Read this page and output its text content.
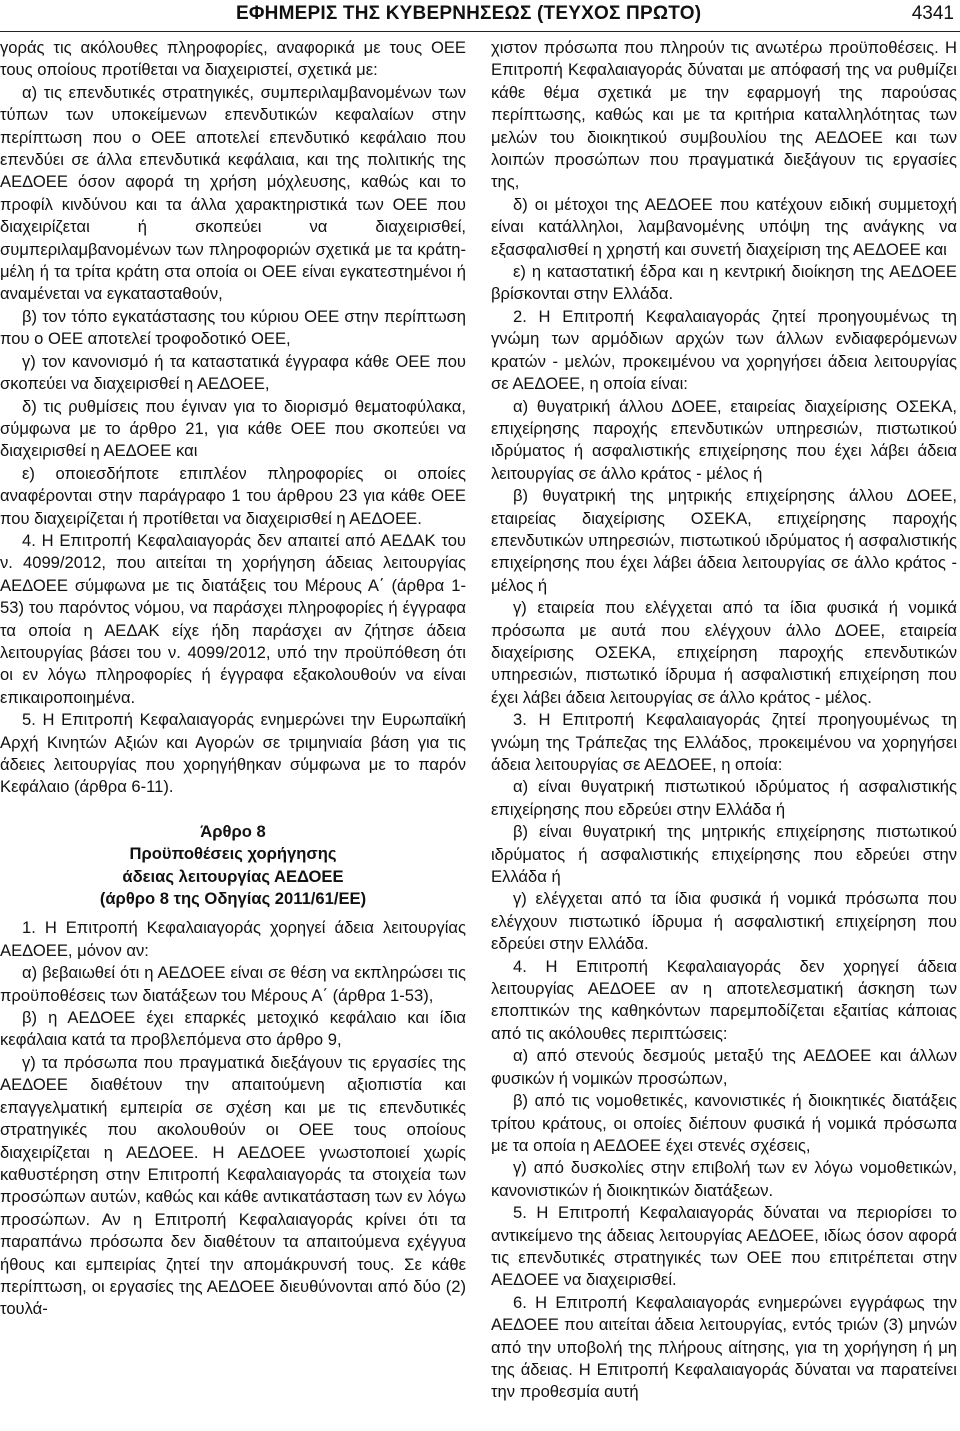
ΕΦΗΜΕΡΙΣ ΤΗΣ ΚΥΒΕΡΝΗΣΕΩΣ (ΤΕΥΧΟΣ ΠΡΩΤΟ)	4341

γοράς τις ακόλουθες πληροφορίες, αναφορικά με τους ΟΕΕ τους οποίους προτίθεται να διαχειριστεί, σχετικά με:

α) τις επενδυτικές στρατηγικές, συμπεριλαμβανομένων των τύπων των υποκείμενων επενδυτικών κεφαλαίων στην περίπτωση που ο ΟΕΕ αποτελεί επενδυτικό κεφάλαιο που επενδύει σε άλλα επενδυτικά κεφάλαια, και της πολιτικής της ΑΕΔΟΕΕ όσον αφορά τη χρήση μόχλευσης, καθώς και το προφίλ κινδύνου και τα άλλα χαρακτηριστικά των ΟΕΕ που διαχειρίζεται ή σκοπεύει να διαχειρισθεί, συμπεριλαμβανομένων των πληροφοριών σχετικά με τα κράτη-μέλη ή τα τρίτα κράτη στα οποία οι ΟΕΕ είναι εγκατεστημένοι ή αναμένεται να εγκατασταθούν,

β) τον τόπο εγκατάστασης του κύριου ΟΕΕ στην περίπτωση που ο ΟΕΕ αποτελεί τροφοδοτικό ΟΕΕ,

γ) τον κανονισμό ή τα καταστατικά έγγραφα κάθε ΟΕΕ που σκοπεύει να διαχειρισθεί η ΑΕΔΟΕΕ,

δ) τις ρυθμίσεις που έγιναν για το διορισμό θεματοφύλακα, σύμφωνα με το άρθρο 21, για κάθε ΟΕΕ που σκοπεύει να διαχειρισθεί η ΑΕΔΟΕΕ και

ε) οποιεσδήποτε επιπλέον πληροφορίες οι οποίες αναφέρονται στην παράγραφο 1 του άρθρου 23 για κάθε ΟΕΕ που διαχειρίζεται ή προτίθεται να διαχειρισθεί η ΑΕΔΟΕΕ.

4. Η Επιτροπή Κεφαλαιαγοράς δεν απαιτεί από ΑΕΔΑΚ του ν. 4099/2012, που αιτείται τη χορήγηση άδειας λειτουργίας ΑΕΔΟΕΕ σύμφωνα με τις διατάξεις του Μέρους Α΄ (άρθρα 1-53) του παρόντος νόμου, να παράσχει πληροφορίες ή έγγραφα τα οποία η ΑΕΔΑΚ είχε ήδη παράσχει αν ζήτησε άδεια λειτουργίας βάσει του ν. 4099/2012, υπό την προϋπόθεση ότι οι εν λόγω πληροφορίες ή έγγραφα εξακολουθούν να είναι επικαιροποιημένα.

5. Η Επιτροπή Κεφαλαιαγοράς ενημερώνει την Ευρωπαϊκή Αρχή Κινητών Αξιών και Αγορών σε τριμηνιαία βάση για τις άδειες λειτουργίας που χορηγήθηκαν σύμφωνα με το παρόν Κεφάλαιο (άρθρα 6-11).

Άρθρο 8
Προϋποθέσεις χορήγησης
άδειας λειτουργίας ΑΕΔΟΕΕ
(άρθρο 8 της Οδηγίας 2011/61/ΕΕ)

1. Η Επιτροπή Κεφαλαιαγοράς χορηγεί άδεια λειτουργίας ΑΕΔΟΕΕ, μόνον αν:

α) βεβαιωθεί ότι η ΑΕΔΟΕΕ είναι σε θέση να εκπληρώσει τις προϋποθέσεις των διατάξεων του Μέρους Α΄ (άρθρα 1-53),

β) η ΑΕΔΟΕΕ έχει επαρκές μετοχικό κεφάλαιο και ίδια κεφάλαια κατά τα προβλεπόμενα στο άρθρο 9,

γ) τα πρόσωπα που πραγματικά διεξάγουν τις εργασίες της ΑΕΔΟΕΕ διαθέτουν την απαιτούμενη αξιοπιστία και επαγγελματική εμπειρία σε σχέση και με τις επενδυτικές στρατηγικές που ακολουθούν οι ΟΕΕ τους οποίους διαχειρίζεται η ΑΕΔΟΕΕ. Η ΑΕΔΟΕΕ γνωστοποιεί χωρίς καθυστέρηση στην Επιτροπή Κεφαλαιαγοράς τα στοιχεία των προσώπων αυτών, καθώς και κάθε αντικατάσταση των εν λόγω προσώπων. Αν η Επιτροπή Κεφαλαιαγοράς κρίνει ότι τα παραπάνω πρόσωπα δεν διαθέτουν τα απαιτούμενα εχέγγυα ήθους και εμπειρίας ζητεί την απομάκρυνσή τους. Σε κάθε περίπτωση, οι εργασίες της ΑΕΔΟΕΕ διευθύνονται από δύο (2) τουλά-

χιστον πρόσωπα που πληρούν τις ανωτέρω προϋποθέσεις. Η Επιτροπή Κεφαλαιαγοράς δύναται με απόφασή της να ρυθμίζει κάθε θέμα σχετικά με την εφαρμογή της παρούσας περίπτωσης, καθώς και με τα κριτήρια καταλληλότητας των μελών του διοικητικού συμβουλίου της ΑΕΔΟΕΕ και των λοιπών προσώπων που πραγματικά διεξάγουν τις εργασίες της,

δ) οι μέτοχοι της ΑΕΔΟΕΕ που κατέχουν ειδική συμμετοχή είναι κατάλληλοι, λαμβανομένης υπόψη της ανάγκης να εξασφαλισθεί η χρηστή και συνετή διαχείριση της ΑΕΔΟΕΕ και

ε) η καταστατική έδρα και η κεντρική διοίκηση της ΑΕΔΟΕΕ βρίσκονται στην Ελλάδα.

2. Η Επιτροπή Κεφαλαιαγοράς ζητεί προηγουμένως τη γνώμη των αρμόδιων αρχών των άλλων ενδιαφερόμενων κρατών - μελών, προκειμένου να χορηγήσει άδεια λειτουργίας σε ΑΕΔΟΕΕ, η οποία είναι:

α) θυγατρική άλλου ΔΟΕΕ, εταιρείας διαχείρισης ΟΣΕΚΑ, επιχείρησης παροχής επενδυτικών υπηρεσιών, πιστωτικού ιδρύματος ή ασφαλιστικής επιχείρησης που έχει λάβει άδεια λειτουργίας σε άλλο κράτος - μέλος ή

β) θυγατρική της μητρικής επιχείρησης άλλου ΔΟΕΕ, εταιρείας διαχείρισης ΟΣΕΚΑ, επιχείρησης παροχής επενδυτικών υπηρεσιών, πιστωτικού ιδρύματος ή ασφαλιστικής επιχείρησης που έχει λάβει άδεια λειτουργίας σε άλλο κράτος - μέλος ή

γ) εταιρεία που ελέγχεται από τα ίδια φυσικά ή νομικά πρόσωπα με αυτά που ελέγχουν άλλο ΔΟΕΕ, εταιρεία διαχείρισης ΟΣΕΚΑ, επιχείρηση παροχής επενδυτικών υπηρεσιών, πιστωτικό ίδρυμα ή ασφαλιστική επιχείρηση που έχει λάβει άδεια λειτουργίας σε άλλο κράτος - μέλος.

3. Η Επιτροπή Κεφαλαιαγοράς ζητεί προηγουμένως τη γνώμη της Τράπεζας της Ελλάδος, προκειμένου να χορηγήσει άδεια λειτουργίας σε ΑΕΔΟΕΕ, η οποία:

α) είναι θυγατρική πιστωτικού ιδρύματος ή ασφαλιστικής επιχείρησης που εδρεύει στην Ελλάδα ή

β) είναι θυγατρική της μητρικής επιχείρησης πιστωτικού ιδρύματος ή ασφαλιστικής επιχείρησης που εδρεύει στην Ελλάδα ή

γ) ελέγχεται από τα ίδια φυσικά ή νομικά πρόσωπα που ελέγχουν πιστωτικό ίδρυμα ή ασφαλιστική επιχείρηση που εδρεύει στην Ελλάδα.

4. Η Επιτροπή Κεφαλαιαγοράς δεν χορηγεί άδεια λειτουργίας ΑΕΔΟΕΕ αν η αποτελεσματική άσκηση των εποπτικών της καθηκόντων παρεμποδίζεται εξαιτίας κάποιας από τις ακόλουθες περιπτώσεις:

α) από στενούς δεσμούς μεταξύ της ΑΕΔΟΕΕ και άλλων φυσικών ή νομικών προσώπων,

β) από τις νομοθετικές, κανονιστικές ή διοικητικές διατάξεις τρίτου κράτους, οι οποίες διέπουν φυσικά ή νομικά πρόσωπα με τα οποία η ΑΕΔΟΕΕ έχει στενές σχέσεις,

γ) από δυσκολίες στην επιβολή των εν λόγω νομοθετικών, κανονιστικών ή διοικητικών διατάξεων.

5. Η Επιτροπή Κεφαλαιαγοράς δύναται να περιορίσει το αντικείμενο της άδειας λειτουργίας ΑΕΔΟΕΕ, ιδίως όσον αφορά τις επενδυτικές στρατηγικές των ΟΕΕ που επιτρέπεται στην ΑΕΔΟΕΕ να διαχειρισθεί.

6. Η Επιτροπή Κεφαλαιαγοράς ενημερώνει εγγράφως την ΑΕΔΟΕΕ που αιτείται άδεια λειτουργίας, εντός τριών (3) μηνών από την υποβολή της πλήρους αίτησης, για τη χορήγηση ή μη της άδειας. Η Επιτροπή Κεφαλαιαγοράς δύναται να παρατείνει την προθεσμία αυτή
